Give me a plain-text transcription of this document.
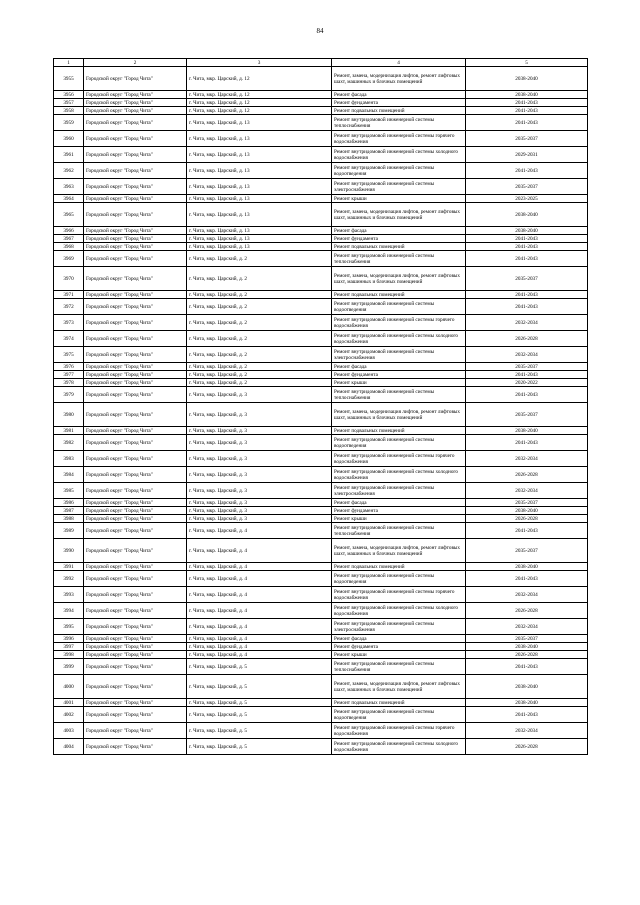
84
1	2	3	4	5
3955	Городской округ "Город Чита"	г. Чита, мкр. Царский, д. 12	Ремонт, замена, модернизация лифтов, ремонт лифтовых шахт, машинных и блочных помещений	2038-2040
3956	Городской округ "Город Чита"	г. Чита, мкр. Царский, д. 12	Ремонт фасада	2038-2040
3957	Городской округ "Город Чита"	г. Чита, мкр. Царский, д. 12	Ремонт фундамента	2041-2043
3958	Городской округ "Город Чита"	г. Чита, мкр. Царский, д. 12	Ремонт подвальных помещений	2041-2043
3959	Городской округ "Город Чита"	г. Чита, мкр. Царский, д. 13	Ремонт внутридомовой инженерной системы теплоснабжения	2041-2043
3960	Городской округ "Город Чита"	г. Чита, мкр. Царский, д. 13	Ремонт внутридомовой инженерной системы горячего водоснабжения	2035-2037
3961	Городской округ "Город Чита"	г. Чита, мкр. Царский, д. 13	Ремонт внутридомовой инженерной системы холодного водоснабжения	2029-2031
3962	Городской округ "Город Чита"	г. Чита, мкр. Царский, д. 13	Ремонт внутридомовой инженерной системы водоотведения	2041-2043
3963	Городской округ "Город Чита"	г. Чита, мкр. Царский, д. 13	Ремонт внутридомовой инженерной системы электроснабжения	2035-2037
3964	Городской округ "Город Чита"	г. Чита, мкр. Царский, д. 13	Ремонт крыши	2023-2025
3965	Городской округ "Город Чита"	г. Чита, мкр. Царский, д. 13	Ремонт, замена, модернизация лифтов, ремонт лифтовых шахт, машинных и блочных помещений	2038-2040
3966	Городской округ "Город Чита"	г. Чита, мкр. Царский, д. 13	Ремонт фасада	2038-2040
3967	Городской округ "Город Чита"	г. Чита, мкр. Царский, д. 13	Ремонт фундамента	2041-2043
3968	Городской округ "Город Чита"	г. Чита, мкр. Царский, д. 13	Ремонт подвальных помещений	2041-2043
3969	Городской округ "Город Чита"	г. Чита, мкр. Царский, д. 2	Ремонт внутридомовой инженерной системы теплоснабжения	2041-2043
3970	Городской округ "Город Чита"	г. Чита, мкр. Царский, д. 2	Ремонт, замена, модернизация лифтов, ремонт лифтовых шахт, машинных и блочных помещений	2035-2037
3971	Городской округ "Город Чита"	г. Чита, мкр. Царский, д. 2	Ремонт подвальных помещений	2041-2043
3972	Городской округ "Город Чита"	г. Чита, мкр. Царский, д. 2	Ремонт внутридомовой инженерной системы водоотведения	2041-2043
3973	Городской округ "Город Чита"	г. Чита, мкр. Царский, д. 2	Ремонт внутридомовой инженерной системы горячего водоснабжения	2032-2034
3974	Городской округ "Город Чита"	г. Чита, мкр. Царский, д. 2	Ремонт внутридомовой инженерной системы холодного водоснабжения	2026-2028
3975	Городской округ "Город Чита"	г. Чита, мкр. Царский, д. 2	Ремонт внутридомовой инженерной системы электроснабжения	2032-2034
3976	Городской округ "Город Чита"	г. Чита, мкр. Царский, д. 2	Ремонт фасада	2035-2037
3977	Городской округ "Город Чита"	г. Чита, мкр. Царский, д. 2	Ремонт фундамента	2041-2043
3978	Городской округ "Город Чита"	г. Чита, мкр. Царский, д. 2	Ремонт крыши	2020-2022
3979	Городской округ "Город Чита"	г. Чита, мкр. Царский, д. 3	Ремонт внутридомовой инженерной системы теплоснабжения	2041-2043
3980	Городской округ "Город Чита"	г. Чита, мкр. Царский, д. 3	Ремонт, замена, модернизация лифтов, ремонт лифтовых шахт, машинных и блочных помещений	2035-2037
3981	Городской округ "Город Чита"	г. Чита, мкр. Царский, д. 3	Ремонт подвальных помещений	2038-2040
3982	Городской округ "Город Чита"	г. Чита, мкр. Царский, д. 3	Ремонт внутридомовой инженерной системы водоотведения	2041-2043
3983	Городской округ "Город Чита"	г. Чита, мкр. Царский, д. 3	Ремонт внутридомовой инженерной системы горячего водоснабжения	2032-2034
3984	Городской округ "Город Чита"	г. Чита, мкр. Царский, д. 3	Ремонт внутридомовой инженерной системы холодного водоснабжения	2026-2028
3985	Городской округ "Город Чита"	г. Чита, мкр. Царский, д. 3	Ремонт внутридомовой инженерной системы электроснабжения	2032-2034
3986	Городской округ "Город Чита"	г. Чита, мкр. Царский, д. 3	Ремонт фасада	2035-2037
3987	Городской округ "Город Чита"	г. Чита, мкр. Царский, д. 3	Ремонт фундамента	2038-2040
3988	Городской округ "Город Чита"	г. Чита, мкр. Царский, д. 3	Ремонт крыши	2026-2028
3989	Городской округ "Город Чита"	г. Чита, мкр. Царский, д. 4	Ремонт внутридомовой инженерной системы теплоснабжения	2041-2043
3990	Городской округ "Город Чита"	г. Чита, мкр. Царский, д. 4	Ремонт, замена, модернизация лифтов, ремонт лифтовых шахт, машинных и блочных помещений	2035-2037
3991	Городской округ "Город Чита"	г. Чита, мкр. Царский, д. 4	Ремонт подвальных помещений	2038-2040
3992	Городской округ "Город Чита"	г. Чита, мкр. Царский, д. 4	Ремонт внутридомовой инженерной системы водоотведения	2041-2043
3993	Городской округ "Город Чита"	г. Чита, мкр. Царский, д. 4	Ремонт внутридомовой инженерной системы горячего водоснабжения	2032-2034
3994	Городской округ "Город Чита"	г. Чита, мкр. Царский, д. 4	Ремонт внутридомовой инженерной системы холодного водоснабжения	2026-2028
3995	Городской округ "Город Чита"	г. Чита, мкр. Царский, д. 4	Ремонт внутридомовой инженерной системы электроснабжения	2032-2034
3996	Городской округ "Город Чита"	г. Чита, мкр. Царский, д. 4	Ремонт фасада	2035-2037
3997	Городской округ "Город Чита"	г. Чита, мкр. Царский, д. 4	Ремонт фундамента	2038-2040
3998	Городской округ "Город Чита"	г. Чита, мкр. Царский, д. 4	Ремонт крыши	2026-2028
3999	Городской округ "Город Чита"	г. Чита, мкр. Царский, д. 5	Ремонт внутридомовой инженерной системы теплоснабжения	2041-2043
4000	Городской округ "Город Чита"	г. Чита, мкр. Царский, д. 5	Ремонт, замена, модернизация лифтов, ремонт лифтовых шахт, машинных и блочных помещений	2038-2040
4001	Городской округ "Город Чита"	г. Чита, мкр. Царский, д. 5	Ремонт подвальных помещений	2038-2040
4002	Городской округ "Город Чита"	г. Чита, мкр. Царский, д. 5	Ремонт внутридомовой инженерной системы водоотведения	2041-2043
4003	Городской округ "Город Чита"	г. Чита, мкр. Царский, д. 5	Ремонт внутридомовой инженерной системы горячего водоснабжения	2032-2034
4004	Городской округ "Город Чита"	г. Чита, мкр. Царский, д. 5	Ремонт внутридомовой инженерной системы холодного водоснабжения	2026-2028
